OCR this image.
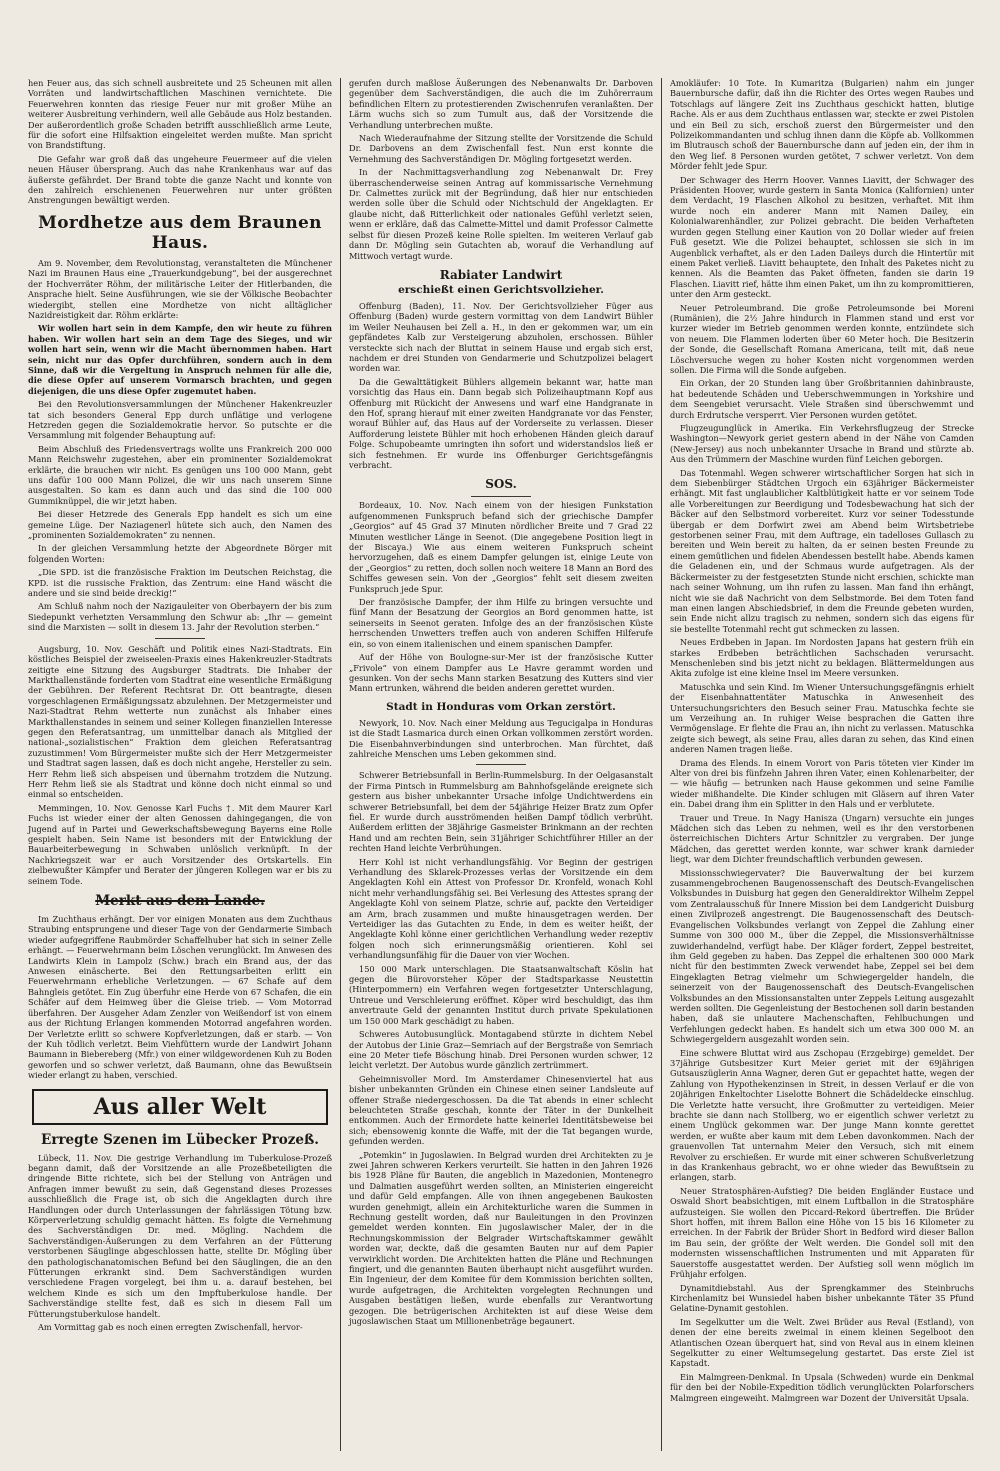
hen Feuer aus, das sich schnell ausbreitete und 25 Scheunen mit allen Vorräten und landwirtschaftlichen Maschinen vernichtete. Die Feuerwehren konnten das riesige Feuer nur mit großer Mühe an weiterer Ausbreitung verhindern, weil alle Gebäude aus Holz bestanden. Der außerordentlich große Schaden betrifft ausschließlich arme Leute, für die sofort eine Hilfsaktion eingeleitet werden mußte. Man spricht von Brandstiftung.

Die Gefahr war groß daß das ungeheure Feuermeer auf die vielen neuen Häuser übersprang. Auch das nahe Krankenhaus war auf das äußerste gefährdet. Der Brand tobte die ganze Nacht und konnte von den zahlreich erschienenen Feuerwehren nur unter größten Anstrengungen bewältigt werden.

Mordhetze aus dem Braunen Haus.

Am 9. November, dem Revolutionstag, veranstalteten die Münchener Nazi im Braunen Haus eine „Trauerkundgebung“, bei der ausgerechnet der Hochverräter Röhm, der militärische Leiter der Hitlerbanden, die Ansprache hielt. Seine Ausführungen, wie sie der Völkische Beobachter wiedergibt, stellen eine Mordhetze von nicht alltäglicher Nazidreistigkeit dar. Röhm erklärte:

Wir wollen hart sein in dem Kampfe, den wir heute zu führen haben. Wir wollen hart sein an dem Tage des Sieges, und wir wollen hart sein, wenn wir die Macht übernommen haben. Hart sein, nicht nur das Opfer durchführen, sondern auch in dem Sinne, daß wir die Vergeltung in Anspruch nehmen für alle die, die diese Opfer auf unserem Vormarsch brachten, und gegen diejenigen, die uns diese Opfer zugemutet haben.

Bei den Revolutionsversammlungen der Münchener Hakenkreuzler tat sich besonders General Epp durch unflätige und verlogene Hetzreden gegen die Sozialdemokratie hervor. So putschte er die Versammlung mit folgender Behauptung auf:

Beim Abschluß des Friedensvertrags wollte uns Frankreich 200 000 Mann Reichswehr zugestehen, aber ein prominenter Sozialdemokrat erklärte, die brauchen wir nicht. Es genügen uns 100 000 Mann, gebt uns dafür 100 000 Mann Polizei, die wir uns nach unserem Sinne ausgestalten. So kam es dann auch und das sind die 100 000 Gummiknüppel, die wir jetzt haben.

Bei dieser Hetzrede des Generals Epp handelt es sich um eine gemeine Lüge. Der Naziagenerl hütete sich auch, den Namen des „prominenten Sozialdemokraten“ zu nennen.

In der gleichen Versammlung hetzte der Abgeordnete Börger mit folgenden Worten:

„Die SPD. ist die französische Fraktion im Deutschen Reichstag, die KPD. ist die russische Fraktion, das Zentrum: eine Hand wäscht die andere und sie sind beide dreckig!“

Am Schluß nahm noch der Nazigauleiter von Oberbayern der bis zum Siedepunkt verhetzten Versammlung den Schwur ab: „Ihr — gemeint sind die Marxisten — sollt in diesem 13. Jahr der Revolution sterben.“

Augsburg, 10. Nov. Geschäft und Politik eines Nazi-Stadtrats. Ein köstliches Beispiel der zweiseelen-Praxis eines Hakenkreuzler-Stadtrats zeitigte eine Sitzung des Augsburger Stadtrats. Die Inhaber der Markthallenstände forderten vom Stadtrat eine wesentliche Ermäßigung der Gebühren. Der Referent Rechtsrat Dr. Ott beantragte, diesen vorgeschlagenen Ermäßigungssatz abzulehnen. Der Metzgermeister und Nazi-Stadtrat Rehm wetterte nun zunächst als Inhaber eines Markthallenstandes in seinem und seiner Kollegen finanziellen Interesse gegen den Referatsantrag, um unmittelbar danach als Mitglied der national-„sozialistischen“ Fraktion dem gleichen Referatsantrag zuzustimmen! Vom Bürgermeister mußte sich der Herr Metzgermeister und Stadtrat sagen lassen, daß es doch nicht angehe, Hersteller zu sein. Herr Rehm ließ sich abspeisen und übernahm trotzdem die Nutzung. Herr Rehm ließ sie als Stadtrat und könne doch nicht einmal so und einmal so entscheiden.

Memmingen, 10. Nov. Genosse Karl Fuchs †. Mit dem Maurer Karl Fuchs ist wieder einer der alten Genossen dahingegangen, die von Jugend auf in Partei und Gewerkschaftsbewegung Bayerns eine Rolle gespielt haben. Sein Name ist besonders mit der Entwicklung der Bauarbeiterbewegung in Schwaben unlöslich verknüpft. In der Nachkriegszeit war er auch Vorsitzender des Ortskartells. Ein zielbewußter Kämpfer und Berater der jüngeren Kollegen war er bis zu seinem Tode.

Merkt aus dem Lande.

Im Zuchthaus erhängt. Der vor einigen Monaten aus dem Zuchthaus Straubing entsprungene und dieser Tage von der Gendarmerie Simbach wieder aufgegriffene Raubmörder Schaffelhuber hat sich in seiner Zelle erhängt. — Feuerwehrmann beim Löschen verunglückt. Im Anwesen des Landwirts Klein in Lampolz (Schw.) brach ein Brand aus, der das Anwesen einäscherte. Bei den Rettungsarbeiten erlitt ein Feuerwehrmann erhebliche Verletzungen. — 67 Schafe auf dem Bahngleis getötet. Ein Zug überfuhr eine Herde von 67 Schafen, die ein Schäfer auf dem Heimweg über die Gleise trieb. — Vom Motorrad überfahren. Der Ausgeher Adam Zenzler von Weißendorf ist von einem aus der Richtung Erlangen kommenden Motorrad angefahren worden. Der Verletzte erlitt so schwere Kopfverletzungen, daß er starb. — Von der Kuh tödlich verletzt. Beim Viehfüttern wurde der Landwirt Johann Baumann in Biebereberg (Mfr.) von einer wildgewordenen Kuh zu Boden geworfen und so schwer verletzt, daß Baumann, ohne das Bewußtsein wieder erlangt zu haben, verschied.

Aus aller Welt
Erregte Szenen im Lübecker Prozeß.

Lübeck, 11. Nov. Die gestrige Verhandlung im Tuberkulose-Prozeß begann damit, daß der Vorsitzende an alle Prozeßbeteiligten die dringende Bitte richtete, sich bei der Stellung von Anträgen und Anfragen immer bewußt zu sein, daß Gegenstand dieses Prozesses ausschließlich die Frage ist, ob sich die Angeklagten durch ihre Handlungen oder durch Unterlassungen der fahrlässigen Tötung bzw. Körperverletzung schuldig gemacht hätten. Es folgte die Vernehmung des Sachverständigen Dr. med. Mögling. Nachdem die Sachverständigen-Äußerungen zu dem Verfahren an der Fütterung verstorbenen Säuglinge abgeschlossen hatte, stellte Dr. Mögling über den pathologischanatomischen Befund bei den Säuglingen, die an den Fütterungen erkrankt sind. Dem Sachverständigen wurden verschiedene Fragen vorgelegt, bei ihm u. a. darauf bestehen, bei welchem Kinde es sich um den Impftuberkulose handle. Der Sachverständige stellte fest, daß es sich in diesem Fall um Fütterungstuberkulose handelt.

Am Vormittag gab es noch einen erregten Zwischenfall, hervor-

gerufen durch maßlose Äußerungen des Nebenanwalts Dr. Darboven gegenüber dem Sachverständigen, die auch die im Zuhörerraum befindlichen Eltern zu protestierenden Zwischenrufen veranlaßten. Der Lärm wuchs sich so zum Tumult aus, daß der Vorsitzende die Verhandlung unterbrechen mußte.

Nach Wiederaufnahme der Sitzung stellte der Vorsitzende die Schuld Dr. Darbovens an dem Zwischenfall fest. Nun erst konnte die Vernehmung des Sachverständigen Dr. Mögling fortgesetzt werden.

In der Nachmittagsverhandlung zog Nebenanwalt Dr. Frey überraschenderweise seinen Antrag auf kommissarische Vernehmung Dr. Calmettes zurück mit der Begründung, daß hier nur entschieden werden solle über die Schuld oder Nichtschuld der Angeklagten. Er glaube nicht, daß Ritterlichkeit oder nationales Gefühl verletzt seien, wenn er erkläre, daß das Calmette-Mittel und damit Professor Calmette selbst für diesen Prozeß keine Rolle spielten. Im weiteren Verlauf gab dann Dr. Mögling sein Gutachten ab, worauf die Verhandlung auf Mittwoch vertagt wurde.

Rabiater Landwirt
erschießt einen Gerichtsvollzieher.

Offenburg (Baden), 11. Nov. Der Gerichtsvollzieher Füger aus Offenburg (Baden) wurde gestern vormittag von dem Landwirt Bühler im Weiler Neuhausen bei Zell a. H., in den er gekommen war, um ein gepfändetes Kalb zur Versteigerung abzuholen, erschossen. Bühler versteckte sich nach der Bluttat in seinem Hause und ergab sich erst, nachdem er drei Stunden von Gendarmerie und Schutzpolizei belagert worden war.

Da die Gewalttätigkeit Bühlers allgemein bekannt war, hatte man vorsichtig das Haus ein. Dann begab sich Polizeihauptmann Kopf aus Offenburg mit Rückicht der Anwesens und warf eine Handgranate in den Hof, sprang hierauf mit einer zweiten Handgranate vor das Fenster, worauf Bühler auf, das Haus auf der Vorderseite zu verlassen. Dieser Aufforderung leistete Bühler mit hoch erhobenen Händen gleich darauf Folge. Schupobeamte umringten ihn sofort und widerstandslos ließ er sich festnehmen. Er wurde ins Offenburger Gerichtsgefängnis verbracht.

SOS.

Bordeaux, 10. Nov. Nach einem von der hiesigen Funkstation aufgenommenen Funkspruch befand sich der griechische Dampfer „Georgios“ auf 45 Grad 37 Minuten nördlicher Breite und 7 Grad 22 Minuten westlicher Länge in Seenot. (Die angegebene Position liegt in der Biscaya.) Wie aus einem weiteren Funkspruch scheint hervorzugehen, daß es einem Dampfer gelungen ist, einige Leute von der „Georgios“ zu retten, doch sollen noch weitere 18 Mann an Bord des Schiffes gewesen sein. Von der „Georgios“ fehlt seit diesem zweiten Funkspruch jede Spur.

Der französische Dampfer, der ihm Hilfe zu bringen versuchte und fünf Mann der Besatzung der Georgios an Bord genommen hatte, ist seinerseits in Seenot geraten. Infolge des an der französischen Küste herrschenden Unwetters treffen auch von anderen Schiffen Hilferufe ein, so von einem italienischen und einem spanischen Dampfer.

Auf der Höhe von Boulogne-sur-Mer ist der französische Kutter „Frivole“ von einem Dampfer aus Le Havre gerammt worden und gesunken. Von der sechs Mann starken Besatzung des Kutters sind vier Mann ertrunken, während die beiden anderen gerettet wurden.

Stadt in Honduras vom Orkan zerstört.

Newyork, 10. Nov. Nach einer Meldung aus Tegucigalpa in Honduras ist die Stadt Lasmarica durch einen Orkan vollkommen zerstört worden. Die Eisenbahnverbindungen sind unterbrochen. Man fürchtet, daß zahlreiche Menschen ums Leben gekommen sind.

Schwerer Betriebsunfall in Berlin-Rummelsburg. In der Oelgasanstalt der Firma Pintsch in Rummelsburg am Bahnhofsgelände ereignete sich gestern aus bisher unbekannter Ursache infolge Undichtwerdens ein schwerer Betriebsunfall, bei dem der 54jährige Heizer Bratz zum Opfer fiel. Er wurde durch ausströmenden heißen Dampf tödlich verbrüht. Außerdem erlitten der 38jährige Gasmeister Brinkmann an der rechten Hand und am rechten Bein, sein 31jähriger Schichtführer Hiller an der rechten Hand leichte Verbrühungen.

Herr Kohl ist nicht verhandlungsfähig. Vor Beginn der gestrigen Verhandlung des Sklarek-Prozesses verlas der Vorsitzende ein dem Angeklagten Kohl ein Attest von Professor Dr. Kronfeld, wonach Kohl nicht mehr verhandlungsfähig sei. Bei Verlesung des Attestes sprang der Angeklagte Kohl von seinem Platze, schrie auf, packte den Verteidiger am Arm, brach zusammen und mußte hinausgetragen werden. Der Verteidiger las das Gutachten zu Ende, in dem es weiter heißt, der Angeklagte Kohl könne einer gerichtlichen Verhandlung weder rezeptiv folgen noch sich erinnerungsmäßig orientieren. Kohl sei verhandlungsunfähig für die Dauer von vier Wochen.

150 000 Mark unterschlagen. Die Staatsanwaltschaft Köslin hat gegen die Bürovorsteher Köper der Stadtsparkasse Neustettin (Hinterpommern) ein Verfahren wegen fortgesetzter Unterschlagung, Untreue und Verschleierung eröffnet. Köper wird beschuldigt, das ihm anvertraute Geld der genannten Institut durch private Spekulationen um 150 000 Mark geschädigt zu haben.

Schweres Autobusunglück. Montagabend stürzte in dichtem Nebel der Autobus der Linie Graz—Semriach auf der Bergstraße von Semriach eine 20 Meter tiefe Böschung hinab. Drei Personen wurden schwer, 12 leicht verletzt. Der Autobus wurde gänzlich zertrümmert.

Geheimnisvoller Mord. Im Amsterdamer Chinesenviertel hat aus bisher unbekannten Gründen ein Chinese einen seiner Landsleute auf offener Straße niedergeschossen. Da die Tat abends in einer schlecht beleuchteten Straße geschah, konnte der Täter in der Dunkelheit entkommen. Auch der Ermordete hatte keinerlei Identitätsbeweise bei sich; ebensowenig konnte die Waffe, mit der die Tat begangen wurde, gefunden werden.

„Potemkin“ in Jugoslawien. In Belgrad wurden drei Architekten zu je zwei Jahren schweren Kerkers verurteilt. Sie hatten in den Jahren 1926 bis 1928 Pläne für Bauten, die angeblich in Mazedonien, Montenegro und Dalmatien ausgeführt werden sollten, an Ministerien eingereicht und dafür Geld empfangen. Alle von ihnen angegebenen Baukosten wurden genehmigt, allein ein Architekturliche waren die Summen in Rechnung gestellt worden, daß nur Bauleitungen in den Provinzen gemeldet werden konnten. Ein jugoslawischer Maler, der in die Rechnungskommission der Belgrader Wirtschaftskammer gewählt worden war, deckte, daß die gesamten Bauten nur auf dem Papier verwirklicht worden. Die Architekten hatten die Pläne und Rechnungen fingiert, und die genannten Bauten überhaupt nicht ausgeführt wurden. Ein Ingenieur, der dem Komitee für dem Kommission berichten sollten, wurde aufgetragen, die Architekten vorgelegten Rechnungen und Ausgaben bestätigen ließen, wurde ebenfalls zur Verantwortung gezogen. Die betrügerischen Architekten ist auf diese Weise dem jugoslawischen Staat um Millionenbeträge begaunert.

Amokläufer: 10 Tote. In Kumaritza (Bulgarien) nahm ein junger Bauernbursche dafür, daß ihn die Richter des Ortes wegen Raubes und Totschlags auf längere Zeit ins Zuchthaus geschickt hatten, blutige Rache. Als er aus dem Zuchthaus entlassen war, steckte er zwei Pistolen und ein Beil zu sich, erschoß zuerst den Bürgermeister und den Polizeikommandanten und schlug ihnen dann die Köpfe ab. Vollkommen im Blutrausch schoß der Bauernbursche dann auf jeden ein, der ihm in den Weg lief. 8 Personen wurden getötet, 7 schwer verletzt. Von dem Mörder fehlt jede Spur.

Der Schwager des Herrn Hoover. Vannes Liavitt, der Schwager des Präsidenten Hoover, wurde gestern in Santa Monica (Kalifornien) unter dem Verdacht, 19 Flaschen Alkohol zu besitzen, verhaftet. Mit ihm wurde noch ein anderer Mann mit Namen Dailey, ein Kolonialwarenhändler, zur Polizei gebracht. Die beiden Verhafteten wurden gegen Stellung einer Kaution von 20 Dollar wieder auf freien Fuß gesetzt. Wie die Polizei behauptet, schlossen sie sich in im Augenblick verhaftet, als er den Laden Daileys durch die Hintertür mit einem Paket verließ. Liavitt behauptete, den Inhalt des Paketes nicht zu kennen. Als die Beamten das Paket öffneten, fanden sie darin 19 Flaschen. Liavitt rief, hätte ihm einen Paket, um ihn zu kompromittieren, unter den Arm gesteckt.

Neuer Petroleumbrand. Die große Petroleumsonde bei Moreni (Rumänien), die 2½ Jahre hindurch in Flammen stand und erst vor kurzer wieder im Betrieb genommen werden konnte, entzündete sich von neuem. Die Flammen loderten über 60 Meter hoch. Die Besitzerin der Sonde, die Gesellschaft Romana Americana, teilt mit, daß neue Löschversuche wegen zu hoher Kosten nicht vorgenommen werden sollen. Die Firma will die Sonde aufgeben.

Ein Orkan, der 20 Stunden lang über Großbritannien dahinbrauste, hat bedeutende Schäden und Ueberschwemmungen in Yorkshire und dem Seengebiet verursacht. Viele Straßen sind überschwemmt und durch Erdrutsche versperrt. Vier Personen wurden getötet.

Flugzeugunglück in Amerika. Ein Verkehrsflugzeug der Strecke Washington—Newyork geriet gestern abend in der Nähe von Camden (New-Jersey) aus noch unbekannter Ursache in Brand und stürzte ab. Aus den Trümmern der Maschine wurden fünf Leichen geborgen.

Das Totenmahl. Wegen schwerer wirtschaftlicher Sorgen hat sich in dem Siebenbürger Städtchen Urgoch ein 63jähriger Bäckermeister erhängt. Mit fast unglaublicher Kaltblütigkeit hatte er vor seinem Tode alle Vorbereitungen zur Beerdigung und Todesbewachung hat sich der Bäcker auf den Selbstmord vorbereitet. Kurz vor seiner Todesstunde übergab er dem Dorfwirt zwei am Abend beim Wirtsbetriebe gestorbenen seiner Frau, mit dem Auftrage, ein tadelloses Gullasch zu bereiten und Wein bereit zu halten, da er seinen besten Freunde zu einem gemütlichen und fidelen Abendessen bestellt habe. Abends kamen die Geladenen ein, und der Schmaus wurde aufgetragen. Als der Bäckermeister zu der festgesetzten Stunde nicht erschien, schickte man nach seiner Wohnung, um ihn rufen zu lassen. Man fand ihn erhängt, nicht wie sie daß Nachricht von dem Selbstmorde. Bei dem Toten fand man einen langen Abschiedsbrief, in dem die Freunde gebeten wurden, sein Ende nicht allzu tragisch zu nehmen, sondern sich das eigens für sie bestellte Totenmahl recht gut schmecken zu lassen.

Neues Erdbeben in Japan. Im Nordosten Japans hat gestern früh ein starkes Erdbeben beträchtlichen Sachschaden verursacht. Menschenleben sind bis jetzt nicht zu beklagen. Blättermeldungen aus Akita zufolge ist eine kleine Insel im Meere versunken.

Matuschka und sein Kind. Im Wiener Untersuchungsgefängnis erhielt der Eisenbahnattentäter Matuschka in Anwesenheit des Untersuchungsrichters den Besuch seiner Frau. Matuschka fechte sie um Verzeihung an. In ruhiger Weise besprachen die Gatten ihre Vermögenslage. Er flehte die Frau an, ihn nicht zu verlassen. Matuschka zeigte sich bewegt, als seine Frau, alles daran zu sehen, das Kind einen anderen Namen tragen ließe.

Drama des Elends. In einem Vorort von Paris töteten vier Kinder im Alter von drei bis fünfzehn Jahren ihren Vater, einen Kohlenarbeiter, der — wie häufig — betrunken nach Hause gekommen und seine Familie wieder mißhandelte. Die Kinder schlugen mit Gläsern auf ihren Vater ein. Dabei drang ihm ein Splitter in den Hals und er verblutete.

Trauer und Treue. In Nagy Hanisza (Ungarn) versuchte ein junges Mädchen sich das Leben zu nehmen, weil es ihr den verstorbenen österreichischen Dichters Artur Schnitzler zu vergraben. Der junge Mädchen, das gerettet werden konnte, war schwer krank darnieder liegt, war dem Dichter freundschaftlich verbunden gewesen.

Missionsschwiegervater? Die Bauverwaltung der bei kurzem zusammengebrochenen Baugenossenschaft des Deutsch-Evangelischen Volksbundes in Duisburg hat gegen den Generaldirektor Wilhelm Zeppel vom Zentralausschuß für Innere Mission bei dem Landgericht Duisburg einen Zivilprozeß angestrengt. Die Baugenossenschaft des Deutsch-Evangelischen Volksbundes verlangt von Zeppel die Zahlung einer Summe von 300 000 M., über die Zeppel, die Missionsverhältnisse zuwiderhandelnd, verfügt habe. Der Kläger fordert, Zeppel bestreitet, ihm Geld gegeben zu haben. Das Zeppel die erhaltenen 300 000 Mark nicht für den bestimmten Zweck verwendet habe, Zeppel sei bei dem Eingeklagten Betrag vielmehr um Schwiegergelder handeln, die seinerzeit von der Baugenossenschaft des Deutsch-Evangelischen Volksbundes an den Missionsanstalten unter Zeppels Leitung ausgezahlt werden sollten. Die Gegenleistung der Bestochenen soll darin bestanden haben, daß sie unlautere Machenschaften, Fehlbuchungen und Verfehlungen gedeckt haben. Es handelt sich um etwa 300 000 M. an Schwiegergeldern ausgezahlt worden sein.

Eine schwere Bluttat wird aus Zschopau (Erzgebirge) gemeldet. Der 37jährige Gutsbesitzer Kurt Meier geriet mit der 69jährigen Gutsauszüglerin Anna Wagner, deren Gut er gepachtet hatte, wegen der Zahlung von Hypothekenzinsen in Streit, in dessen Verlauf er die von 20jährigen Enkeltochter Liselotte Bohnert die Schädeldecke einschlug. Die Verletzte hatte versucht, ihre Großmutter zu verteidigen. Meier brachte sie dann nach Stollberg, wo er eigentlich schwer verletzt zu einem Unglück gekommen war. Der junge Mann konnte gerettet werden, er wußte aber kaum mit dem Leben davonkommen. Nach der grauenvollen Tat unternahm Meier den Versuch, sich mit einem Revolver zu erschießen. Er wurde mit einer schweren Schußverletzung in das Krankenhaus gebracht, wo er ohne wieder das Bewußtsein zu erlangen, starb.

Neuer Stratosphären-Aufstieg? Die beiden Engländer Eustace und Oswald Short beabsichtigen, mit einem Luftballon in die Stratosphäre aufzusteigen. Sie wollen den Piccard-Rekord übertreffen. Die Brüder Short hoffen, mit ihrem Ballon eine Höhe von 15 bis 16 Kilometer zu erreichen. In der Fabrik der Brüder Short in Bedford wird dieser Ballon im Bau sein, der größte der Welt werden. Die Gondel soll mit den modernsten wissenschaftlichen Instrumenten und mit Apparaten für Sauerstoffe ausgestattet werden. Der Aufstieg soll wenn möglich im Frühjahr erfolgen.

Dynamitdiebstahl. Aus der Sprengkammer des Steinbruchs Kirchenlamitz bei Wunsiedel haben bisher unbekannte Täter 35 Pfund Gelatine-Dynamit gestohlen.

Im Segelkutter um die Welt. Zwei Brüder aus Reval (Estland), von denen der eine bereits zweimal in einem kleinen Segelboot den Atlantischen Ozean überquert hat, sind von Reval aus in einem kleinen Segelkutter zu einer Weltumsegelung gestartet. Das erste Ziel ist Kapstadt.

Ein Malmgreen-Denkmal. In Upsala (Schweden) wurde ein Denkmal für den bei der Nobile-Expedition tödlich verunglückten Polarforschers Malmgreen eingeweiht. Malmgreen war Dozent der Universität Upsala.
